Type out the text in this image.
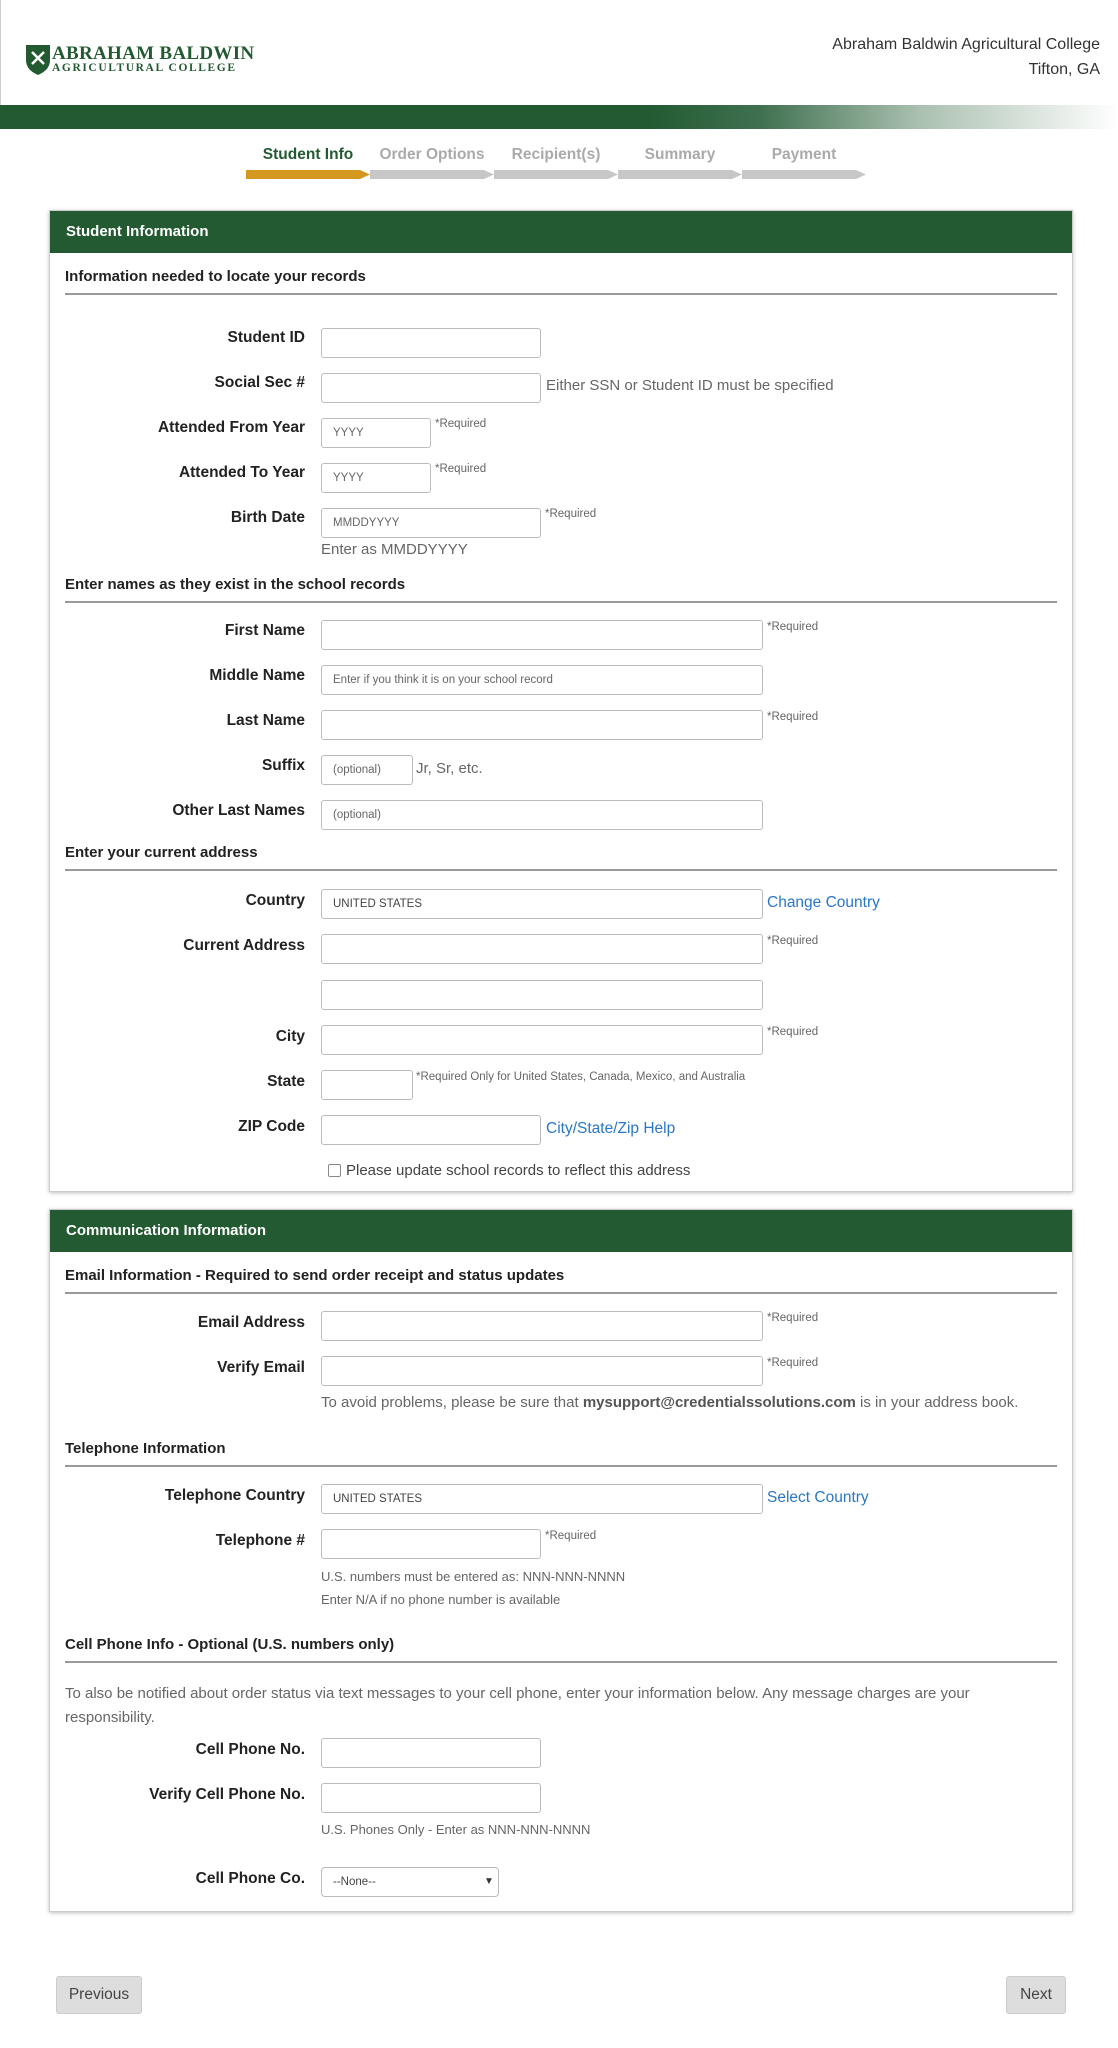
ABRAHAM BALDWIN
AGRICULTURAL COLLEGE
Abraham Baldwin Agricultural College
Tifton, GA
Student Info	Order Options	Recipient(s)	Summary	Payment
Student Information
Information needed to locate your records
Student ID
Social Sec #	Either SSN or Student ID must be specified
Attended From Year	YYYY
*Required
Attended To Year	YYYY
*Required
Birth Date	MMDDYYYY
*Required
Enter as MMDDYYYY
Enter names as they exist in the school records
First Name	*Required
Middle Name	Enter if you think it is on your school record
Last Name	*Required
Suffix	(optional)	Jr, Sr, etc.
Other Last Names	(optional)
Enter your current address
Country	UNITED STATES	Change Country
Current Address	*Required
City	*Required
State	*Required Only for United States, Canada, Mexico, and Australia
ZIP Code	City/State/Zip Help
Please update school records to reflect this address
Communication Information
Email Information - Required to send order receipt and status updates
Email Address	*Required
Verify Email	*Required
To avoid problems, please be sure that mysupport@credentialssolutions.com is in your address book.
Telephone Information
Telephone Country	UNITED STATES	Select Country
Telephone #	*Required
U.S. numbers must be entered as: NNN-NNN-NNNN
Enter N/A if no phone number is available
Cell Phone Info - Optional (U.S. numbers only)
To also be notified about order status via text messages to your cell phone, enter your information below. Any message charges are your responsibility.
Cell Phone No.
Verify Cell Phone No.
U.S. Phones Only - Enter as NNN-NNN-NNNN
Cell Phone Co.	--None--	▼
Previous	Next
